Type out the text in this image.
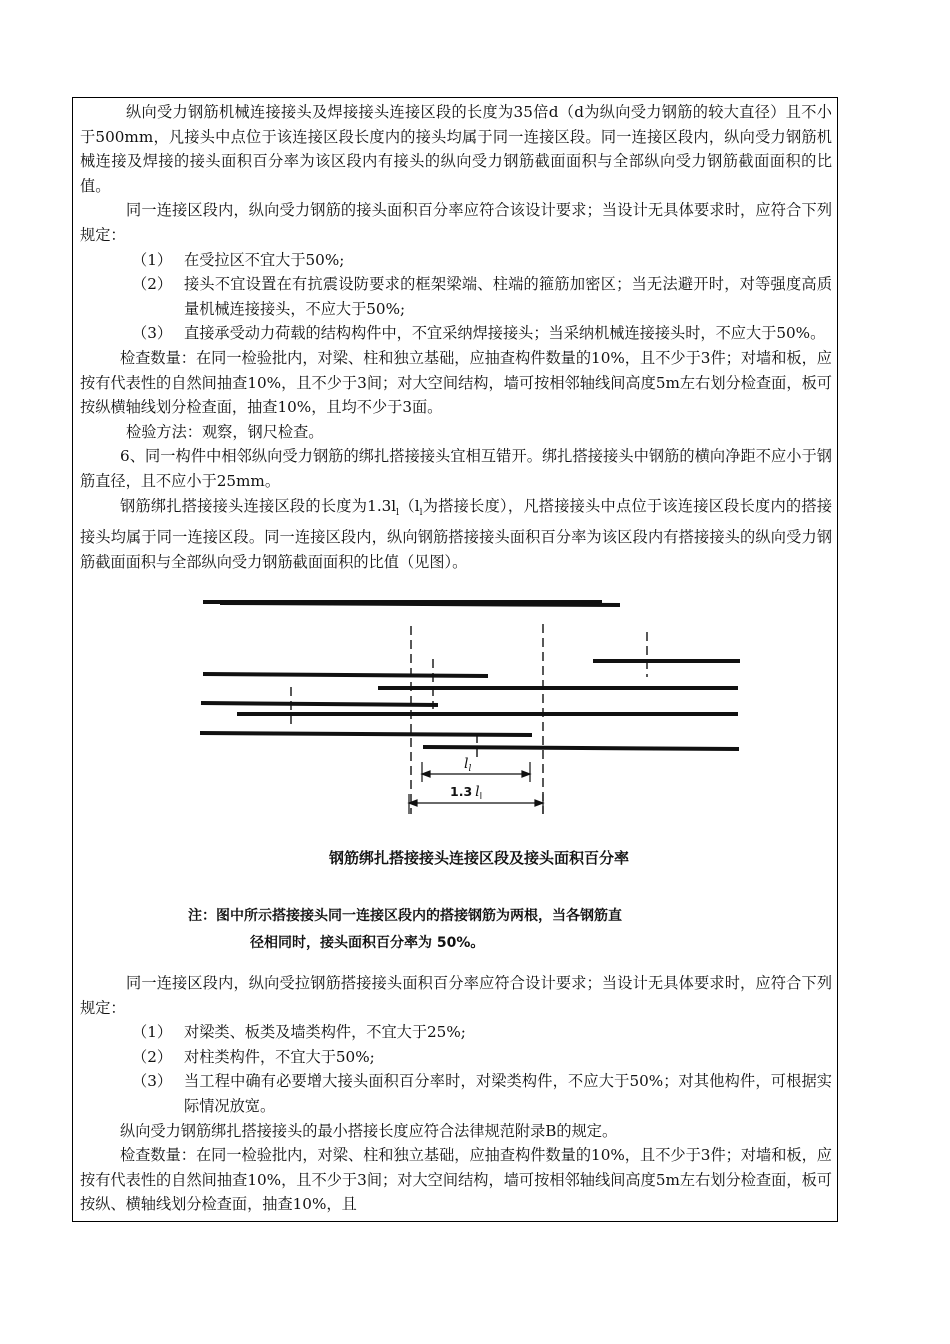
纵向受力钢筋机械连接接头及焊接接头连接区段的长度为35倍d（d为纵向受力钢筋的较大直径）且不小于500mm，凡接头中点位于该连接区段长度内的接头均属于同一连接区段。同一连接区段内，纵向受力钢筋机械连接及焊接的接头面积百分率为该区段内有接头的纵向受力钢筋截面面积与全部纵向受力钢筋截面面积的比值。

同一连接区段内，纵向受力钢筋的接头面积百分率应符合该设计要求；当设计无具体要求时，应符合下列规定：

（1） 在受拉区不宜大于50%;
（2） 接头不宜设置在有抗震设防要求的框架梁端、柱端的箍筋加密区；当无法避开时，对等强度高质量机械连接接头，不应大于50%;
（3） 直接承受动力荷载的结构构件中，不宜采纳焊接接头；当采纳机械连接接头时，不应大于50%。

检查数量：在同一检验批内，对梁、柱和独立基础，应抽查构件数量的10%，且不少于3件；对墙和板，应按有代表性的自然间抽查10%，且不少于3间；对大空间结构，墙可按相邻轴线间高度5m左右划分检查面，板可按纵横轴线划分检查面，抽查10%，且均不少于3面。

检验方法：观察，钢尺检查。

6、同一构件中相邻纵向受力钢筋的绑扎搭接接头宜相互错开。绑扎搭接接头中钢筋的横向净距不应小于钢筋直径，且不应小于25mm。

钢筋绑扎搭接接头连接区段的长度为$1.3l_l(l_l$为搭接长度），凡搭接接头中点位于该连接区段长度内的搭接接头均属于同一连接区段。同一连接区段内，纵向钢筋搭接接头面积百分率为该区段内有搭接接头的纵向受力钢筋截面面积与全部纵向受力钢筋截面面积的比值（见图）。

$l_l$
1.3 $l_l$
钢筋绑扎搭接接头连接区段及接头面积百分率
注：图中所示搭接接头同一连接区段内的搭接钢筋为两根，当各钢筋直
径相同时，接头面积百分率为 50%。

同一连接区段内，纵向受拉钢筋搭接接头面积百分率应符合设计要求；当设计无具体要求时，应符合下列规定：

（1） 对梁类、板类及墙类构件，不宜大于25%;
（2） 对柱类构件，不宜大于50%;
（3） 当工程中确有必要增大接头面积百分率时，对梁类构件，不应大于50%；对其他构件，可根据实际情况放宽。

纵向受力钢筋绑扎搭接接头的最小搭接长度应符合法律规范附录B的规定。

检查数量：在同一检验批内，对梁、柱和独立基础，应抽查构件数量的10%，且不少于3件；对墙和板，应按有代表性的自然间抽查10%，且不少于3间；对大空间结构，墙可按相邻轴线间高度5m左右划分检查面，板可按纵、横轴线划分检查面，抽查10%，且
